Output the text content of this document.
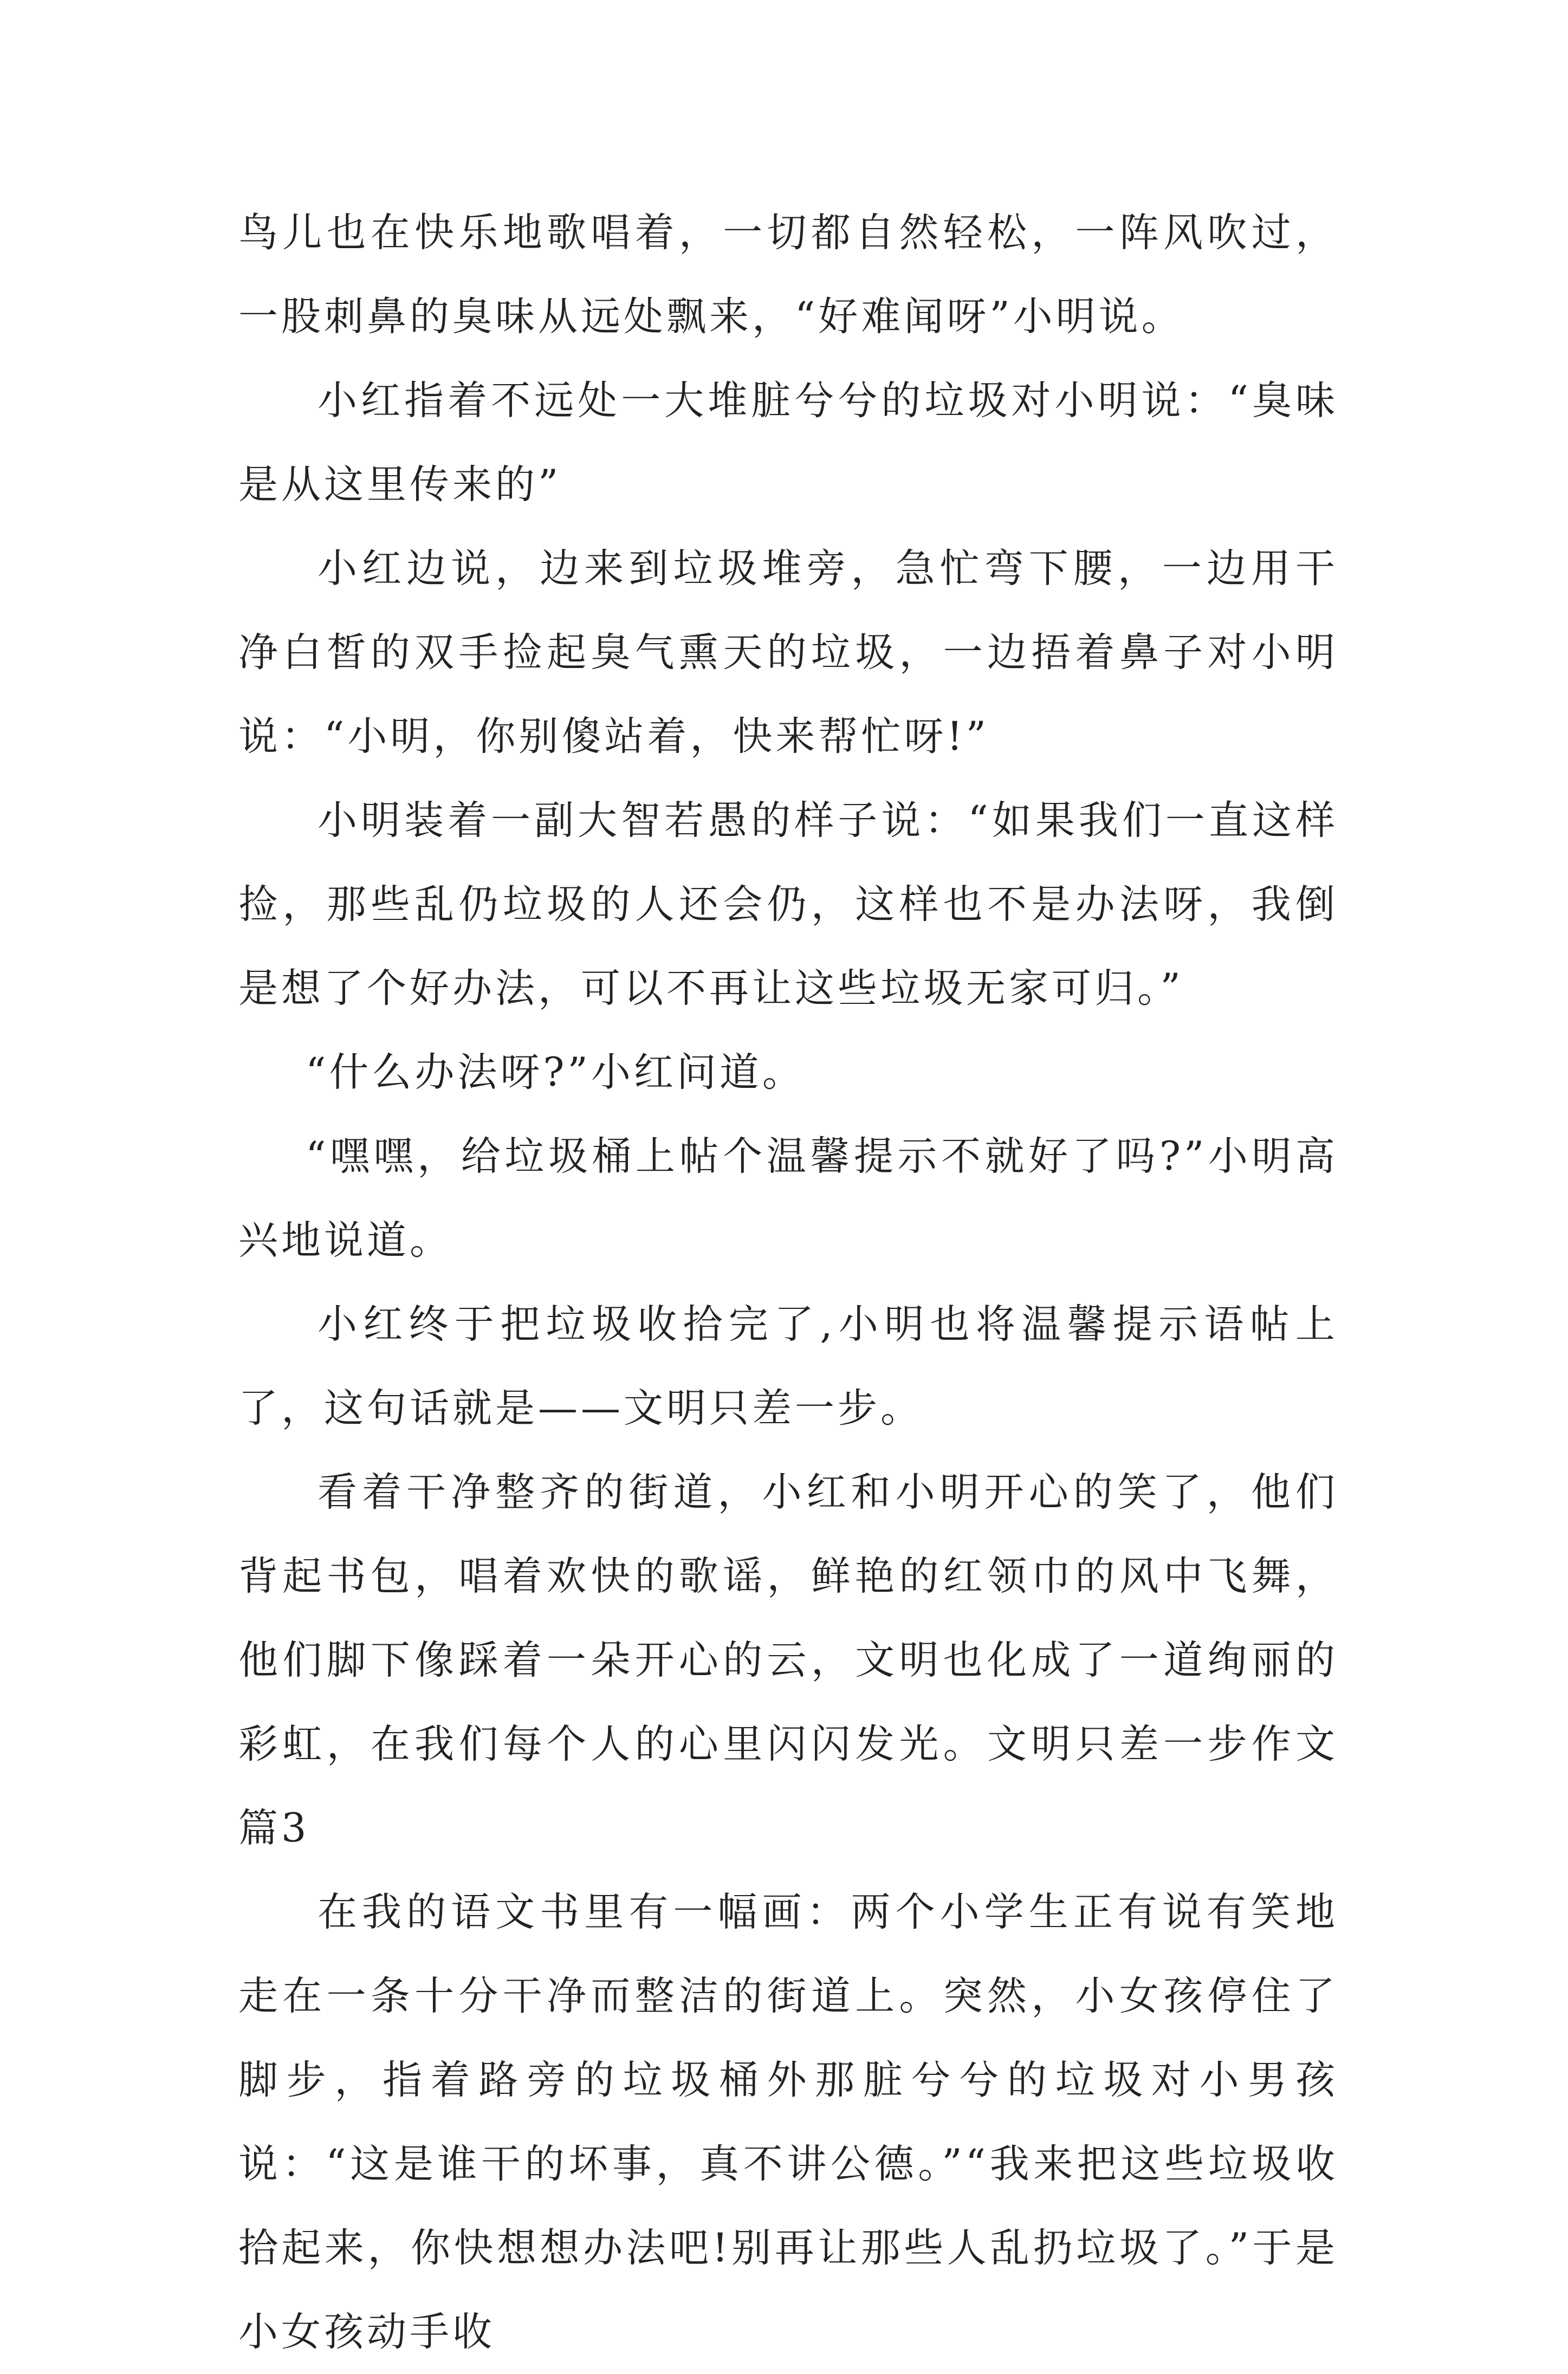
鸟儿也在快乐地歌唱着，一切都自然轻松，一阵风吹过，一股刺鼻的臭味从远处飘来，“好难闻呀”小明说。

小红指着不远处一大堆脏兮兮的垃圾对小明说：“臭味是从这里传来的”

小红边说，边来到垃圾堆旁，急忙弯下腰，一边用干净白皙的双手捡起臭气熏天的垃圾，一边捂着鼻子对小明说：“小明，你别傻站着，快来帮忙呀!”

小明装着一副大智若愚的样子说：“如果我们一直这样捡，那些乱仍垃圾的人还会仍，这样也不是办法呀，我倒是想了个好办法，可以不再让这些垃圾无家可归。”

“什么办法呀?”小红问道。

“嘿嘿，给垃圾桶上帖个温馨提示不就好了吗?”小明高兴地说道。

小红终于把垃圾收拾完了,小明也将温馨提示语帖上了，这句话就是——文明只差一步。

看着干净整齐的街道，小红和小明开心的笑了，他们背起书包，唱着欢快的歌谣，鲜艳的红领巾的风中飞舞，他们脚下像踩着一朵开心的云，文明也化成了一道绚丽的彩虹，在我们每个人的心里闪闪发光。文明只差一步作文篇3

在我的语文书里有一幅画：两个小学生正有说有笑地走在一条十分干净而整洁的街道上。突然，小女孩停住了脚步，指着路旁的垃圾桶外那脏兮兮的垃圾对小男孩说：“这是谁干的坏事，真不讲公德。”“我来把这些垃圾收拾起来，你快想想办法吧!别再让那些人乱扔垃圾了。”于是小女孩动手收
